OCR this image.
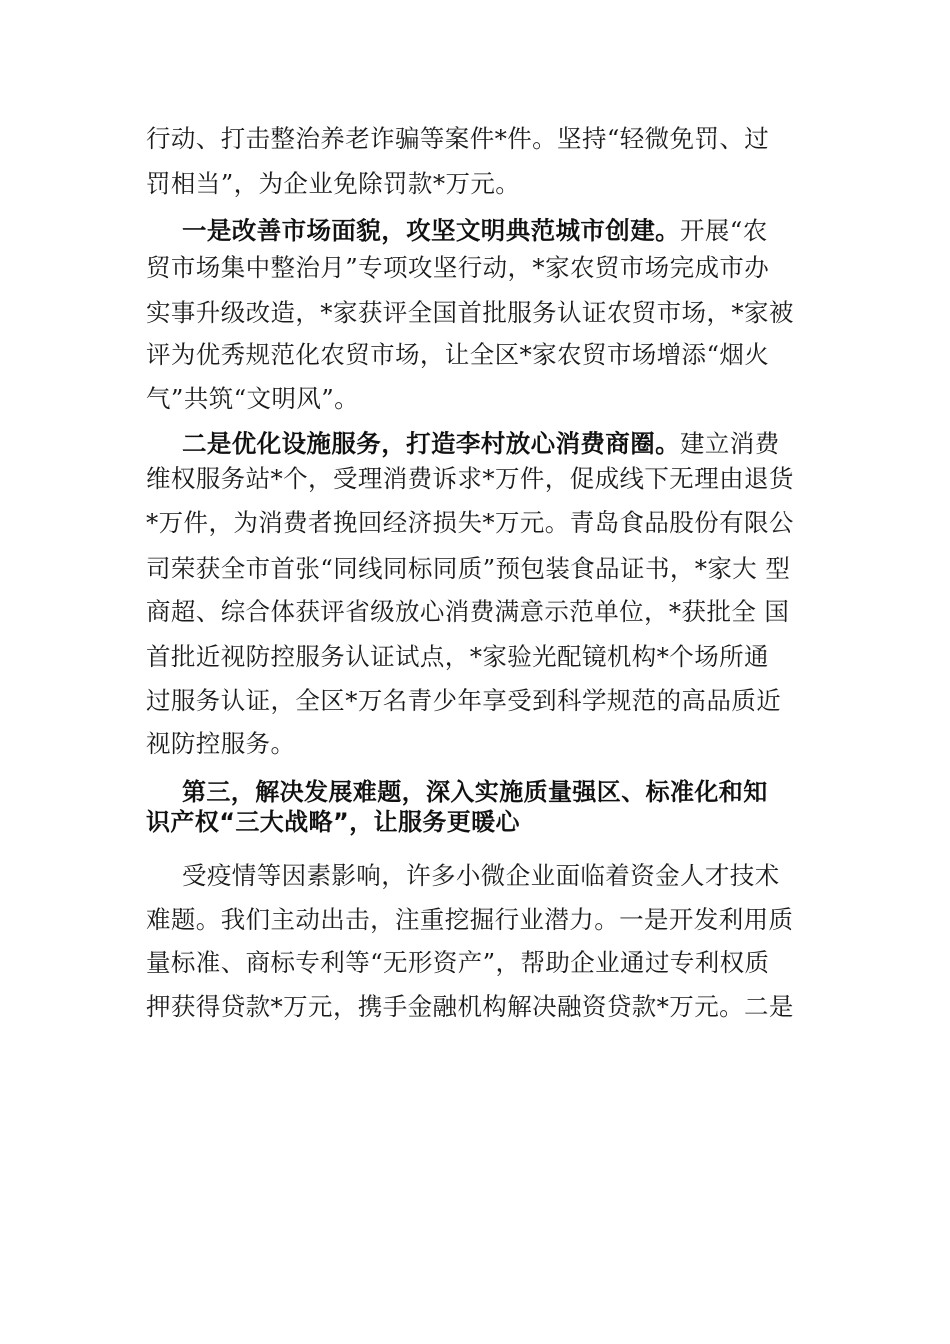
行动、打击整治养老诈骗等案件*件。坚持“轻微免罚、过
罚相当”，为企业免除罚款*万元。
一是改善市场面貌，攻坚文明典范城市创建。开展“农
贸市场集中整治月”专项攻坚行动，*家农贸市场完成市办
实事升级改造，*家获评全国首批服务认证农贸市场，*家被
评为优秀规范化农贸市场，让全区*家农贸市场增添“烟火
气”共筑“文明风”。
二是优化设施服务，打造李村放心消费商圈。建立消费
维权服务站*个，受理消费诉求*万件，促成线下无理由退货
*万件，为消费者挽回经济损失*万元。青岛食品股份有限公
司荣获全市首张“同线同标同质”预包装食品证书，*家大 型
商超、综合体获评省级放心消费满意示范单位，*获批全 国
首批近视防控服务认证试点，*家验光配镜机构*个场所通
过服务认证，全区*万名青少年享受到科学规范的高品质近
视防控服务。
第三，解决发展难题，深入实施质量强区、标准化和知
识产权“三大战略”，让服务更暖心
受疫情等因素影响，许多小微企业面临着资金人才技术
难题。我们主动出击，注重挖掘行业潜力。一是开发利用质
量标准、商标专利等“无形资产”，帮助企业通过专利权质
押获得贷款*万元，携手金融机构解决融资贷款*万元。二是
